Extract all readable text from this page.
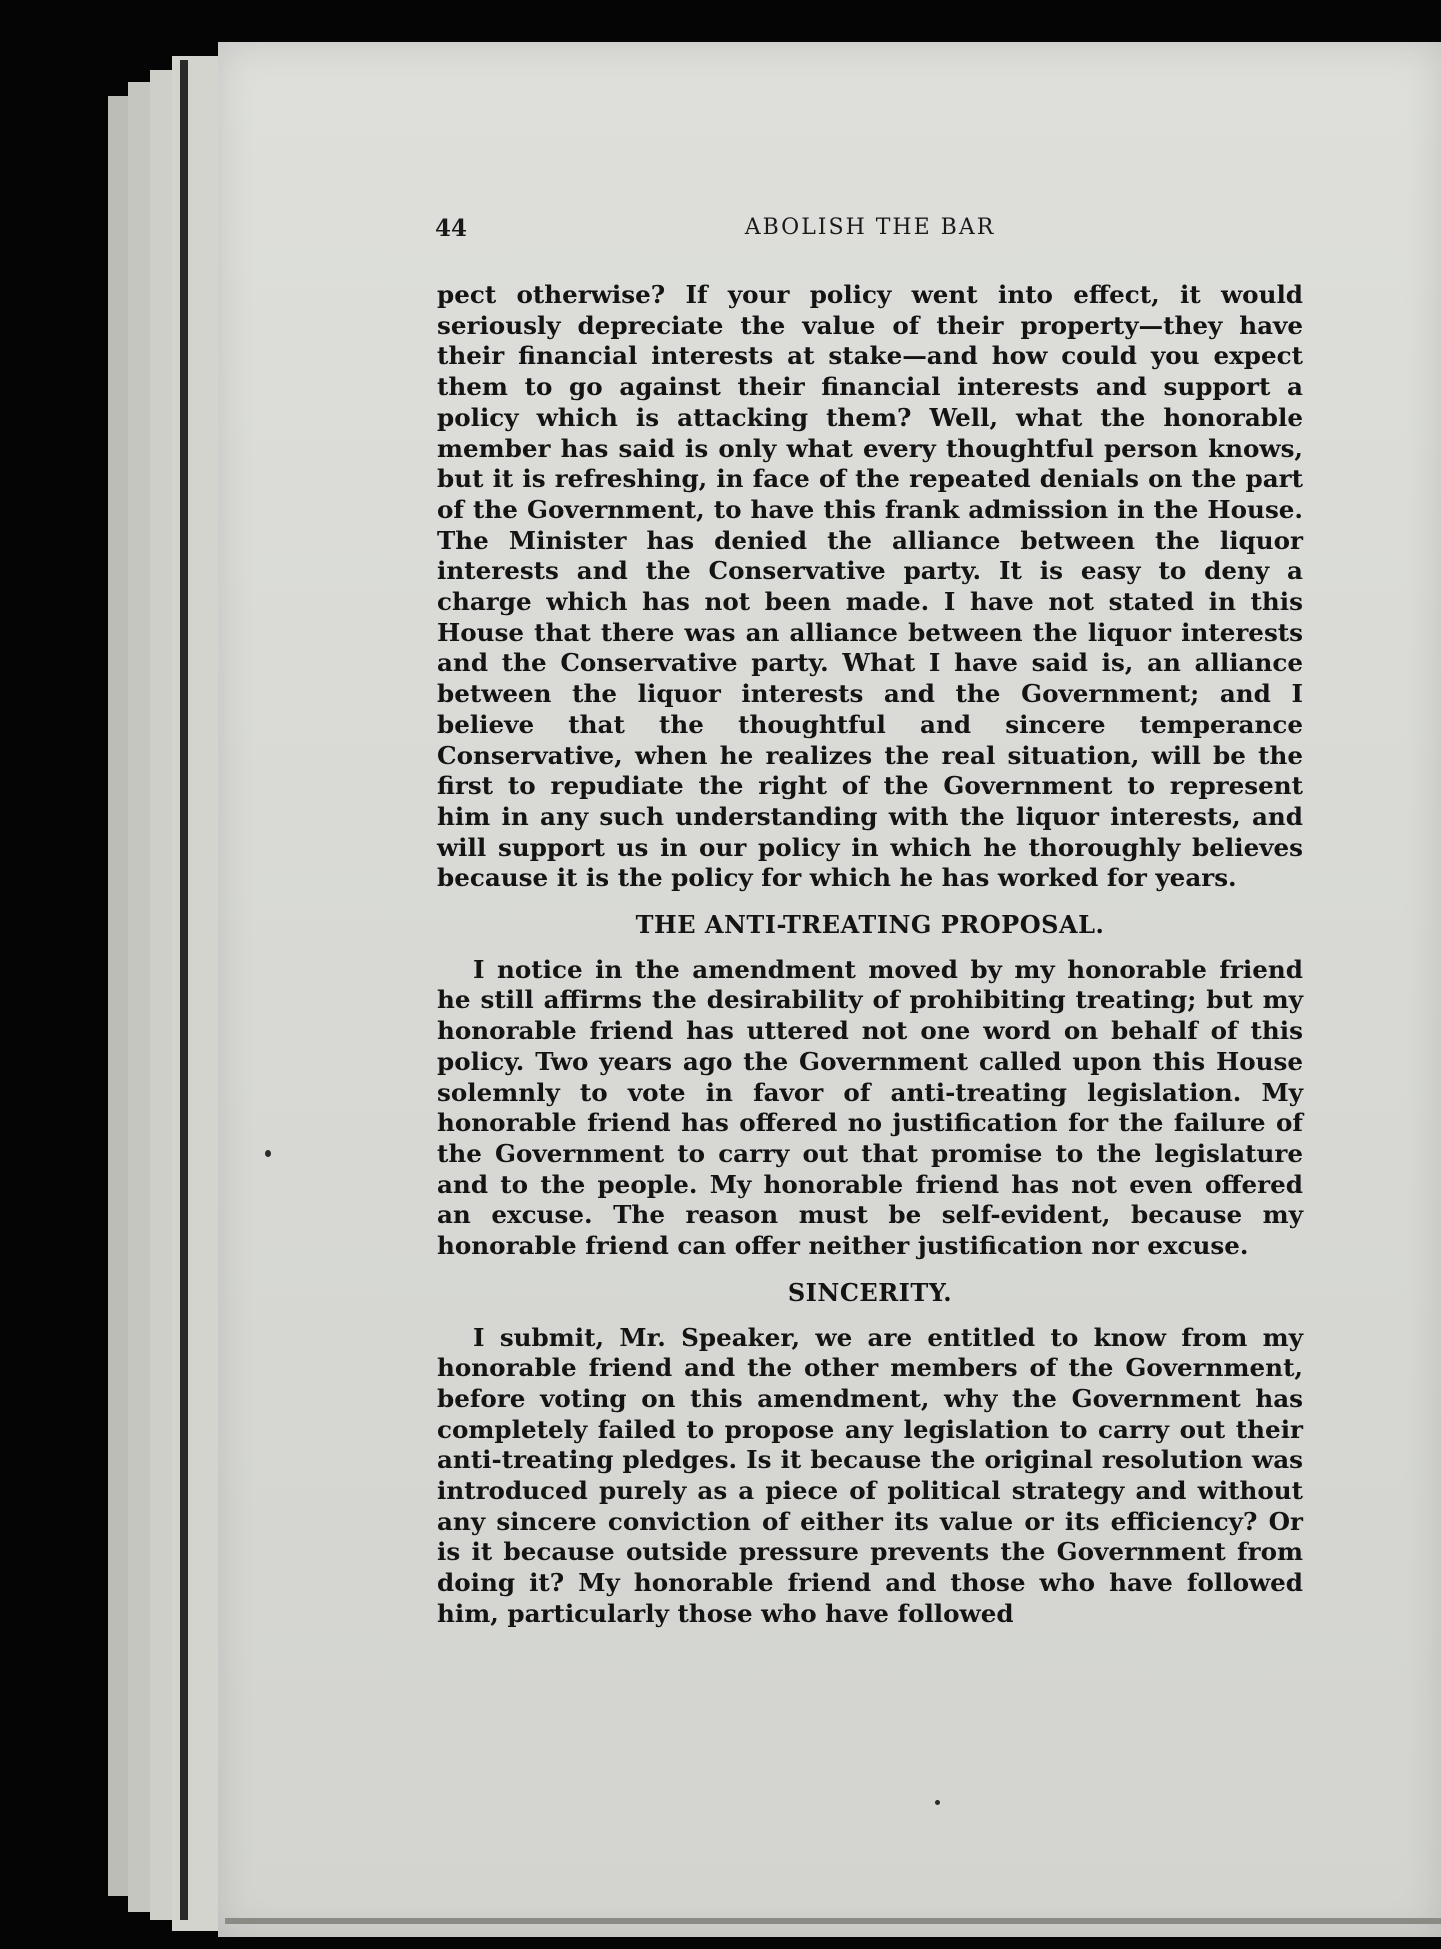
44	ABOLISH THE BAR

pect otherwise? If your policy went into effect, it would seriously depreciate the value of their property—they have their financial interests at stake—and how could you expect them to go against their financial interests and support a policy which is attacking them? Well, what the honorable member has said is only what every thoughtful person knows, but it is refreshing, in face of the repeated denials on the part of the Government, to have this frank admission in the House. The Minister has denied the alliance between the liquor interests and the Conservative party. It is easy to deny a charge which has not been made. I have not stated in this House that there was an alliance between the liquor interests and the Conservative party. What I have said is, an alliance between the liquor interests and the Government; and I believe that the thoughtful and sincere temperance Conservative, when he realizes the real situation, will be the first to repudiate the right of the Government to represent him in any such understanding with the liquor interests, and will support us in our policy in which he thoroughly believes because it is the policy for which he has worked for years.

THE ANTI-TREATING PROPOSAL.

I notice in the amendment moved by my honorable friend he still affirms the desirability of prohibiting treating; but my honorable friend has uttered not one word on behalf of this policy. Two years ago the Government called upon this House solemnly to vote in favor of anti-treating legislation. My honorable friend has offered no justification for the failure of the Government to carry out that promise to the legislature and to the people. My honorable friend has not even offered an excuse. The reason must be self-evident, because my honorable friend can offer neither justification nor excuse.

SINCERITY.

I submit, Mr. Speaker, we are entitled to know from my honorable friend and the other members of the Government, before voting on this amendment, why the Government has completely failed to propose any legislation to carry out their anti-treating pledges. Is it because the original resolution was introduced purely as a piece of political strategy and without any sincere conviction of either its value or its efficiency? Or is it because outside pressure prevents the Government from doing it? My honorable friend and those who have followed him, particularly those who have followed
